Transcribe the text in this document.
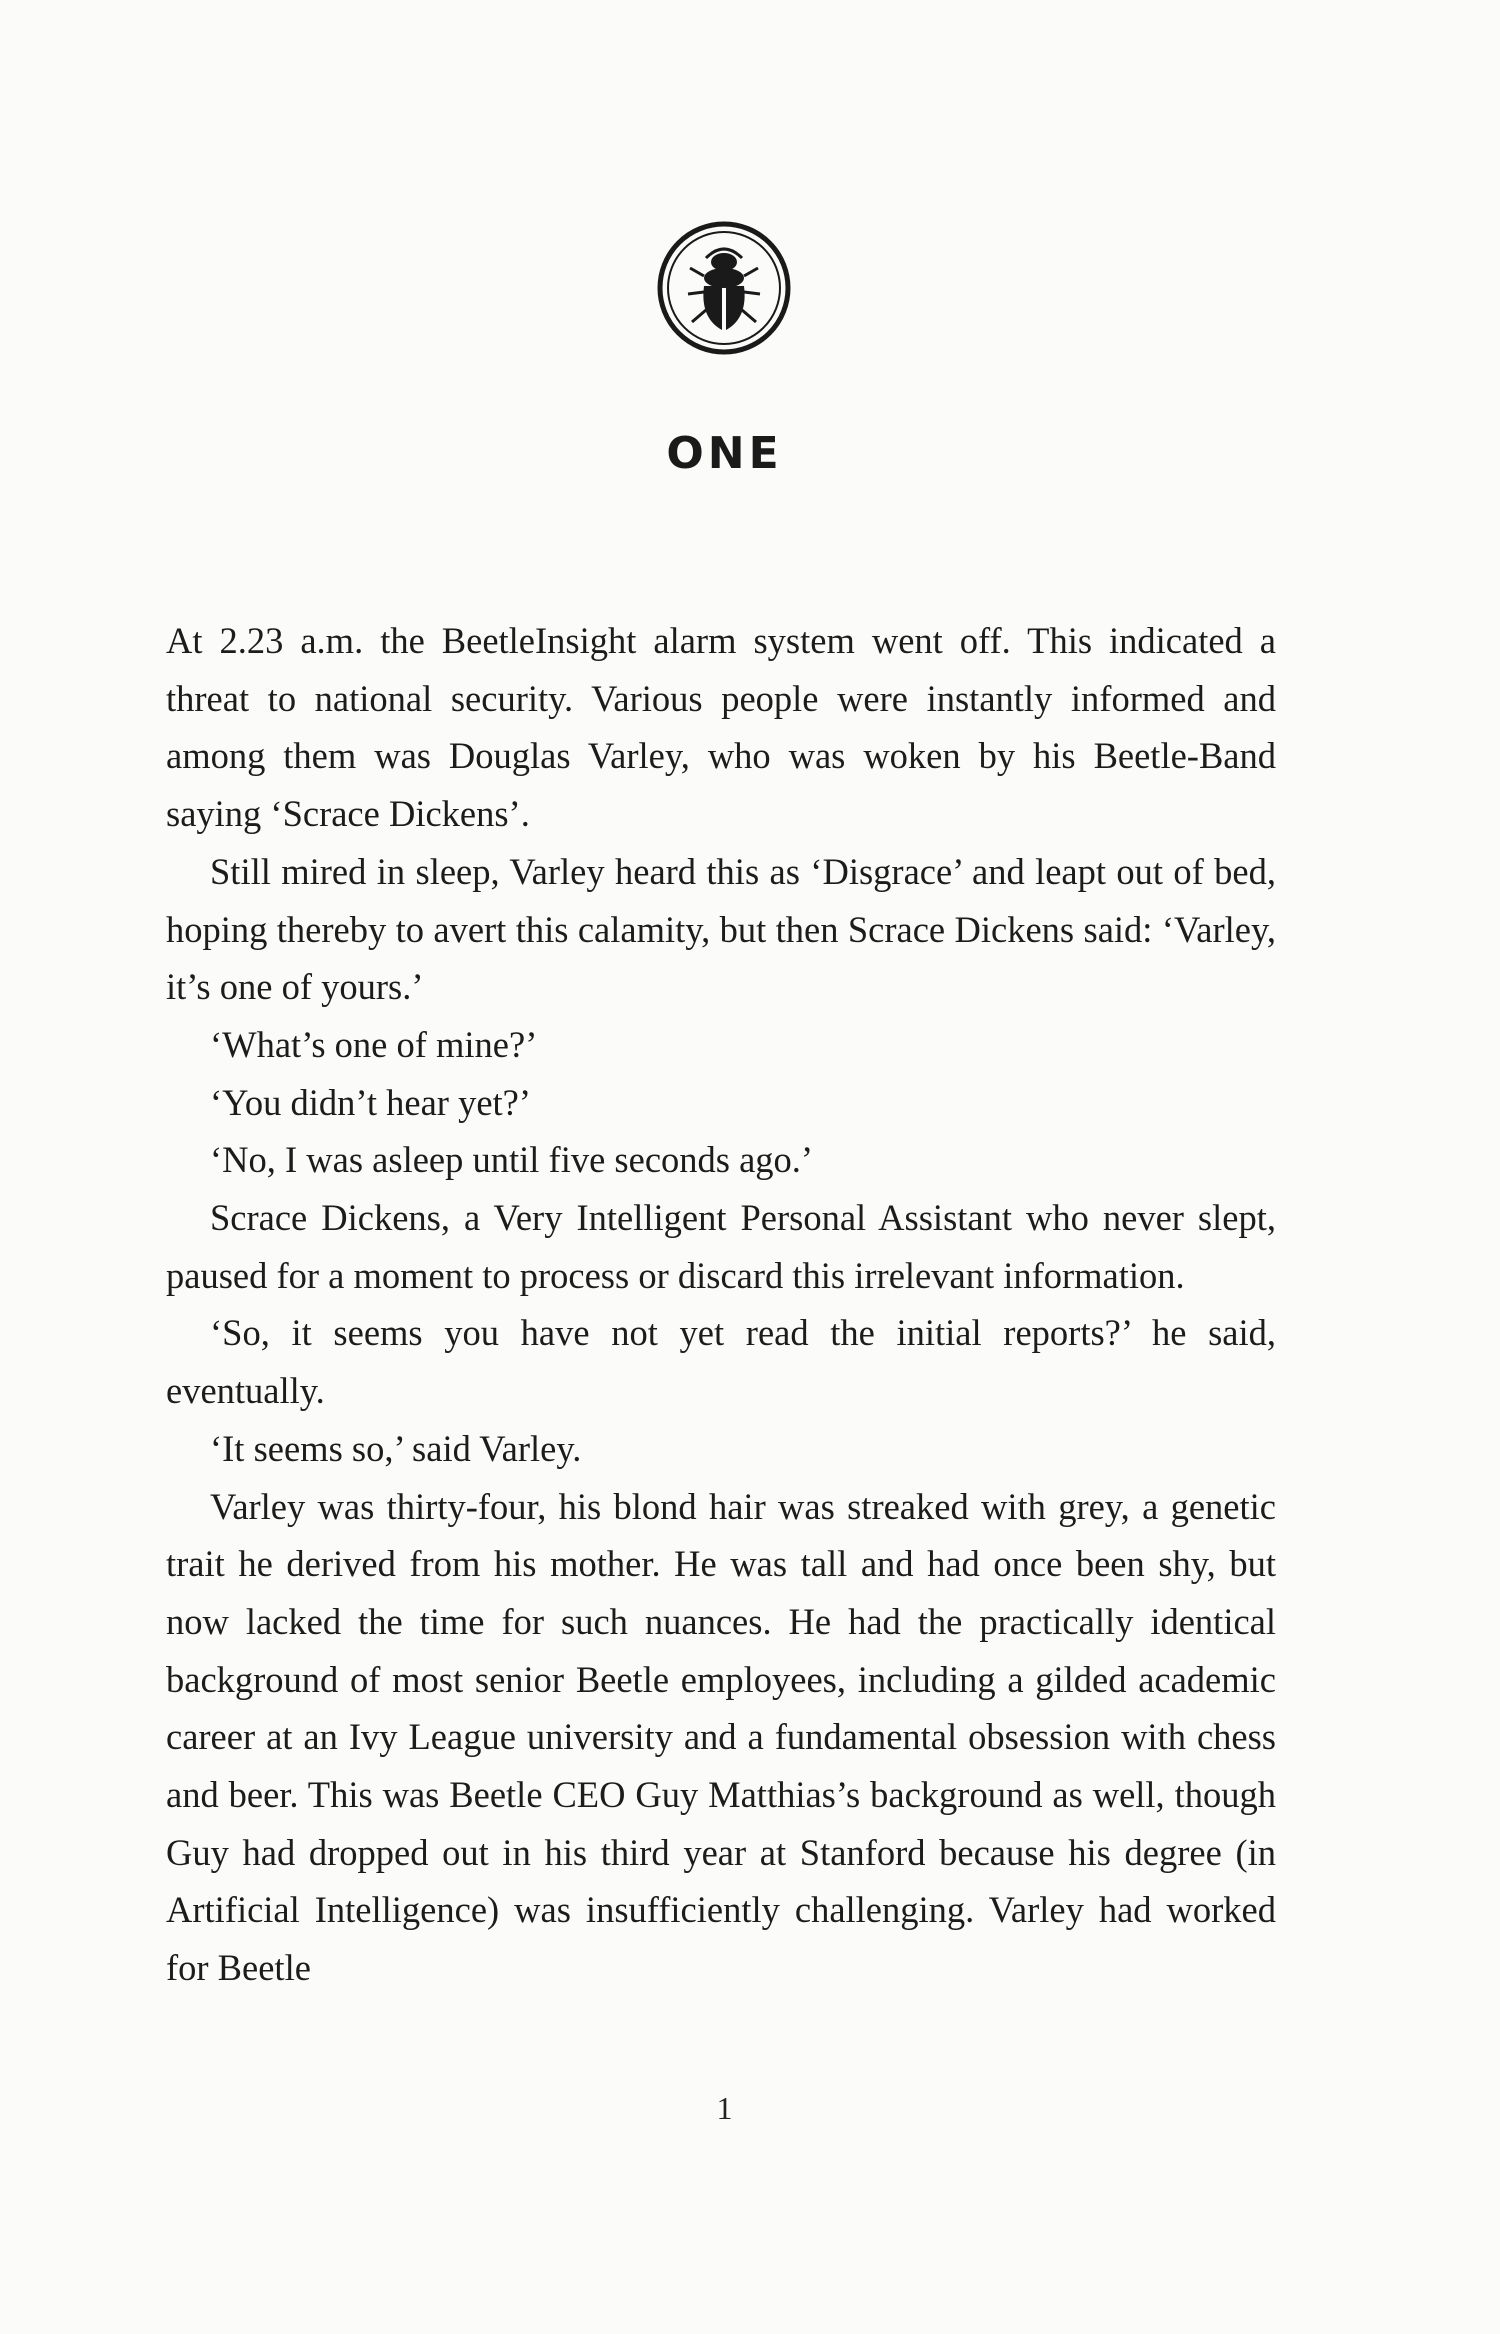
ONE

At 2.23 a.m. the BeetleInsight alarm system went off. This indicated a threat to national security. Various people were instantly informed and among them was Douglas Varley, who was woken by his Beetle-Band saying ‘Scrace Dickens’.

Still mired in sleep, Varley heard this as ‘Disgrace’ and leapt out of bed, hoping thereby to avert this calamity, but then Scrace Dickens said: ‘Varley, it’s one of yours.’

‘What’s one of mine?’

‘You didn’t hear yet?’

‘No, I was asleep until five seconds ago.’

Scrace Dickens, a Very Intelligent Personal Assistant who never slept, paused for a moment to process or discard this irrelevant information.

‘So, it seems you have not yet read the initial reports?’ he said, eventually.

‘It seems so,’ said Varley.

Varley was thirty-four, his blond hair was streaked with grey, a genetic trait he derived from his mother. He was tall and had once been shy, but now lacked the time for such nuances. He had the practically identical background of most senior Beetle employees, including a gilded academic career at an Ivy League university and a fundamental obsession with chess and beer. This was Beetle CEO Guy Matthias’s background as well, though Guy had dropped out in his third year at Stanford because his degree (in Artificial Intelligence) was insufficiently challenging. Varley had worked for Beetle

1
